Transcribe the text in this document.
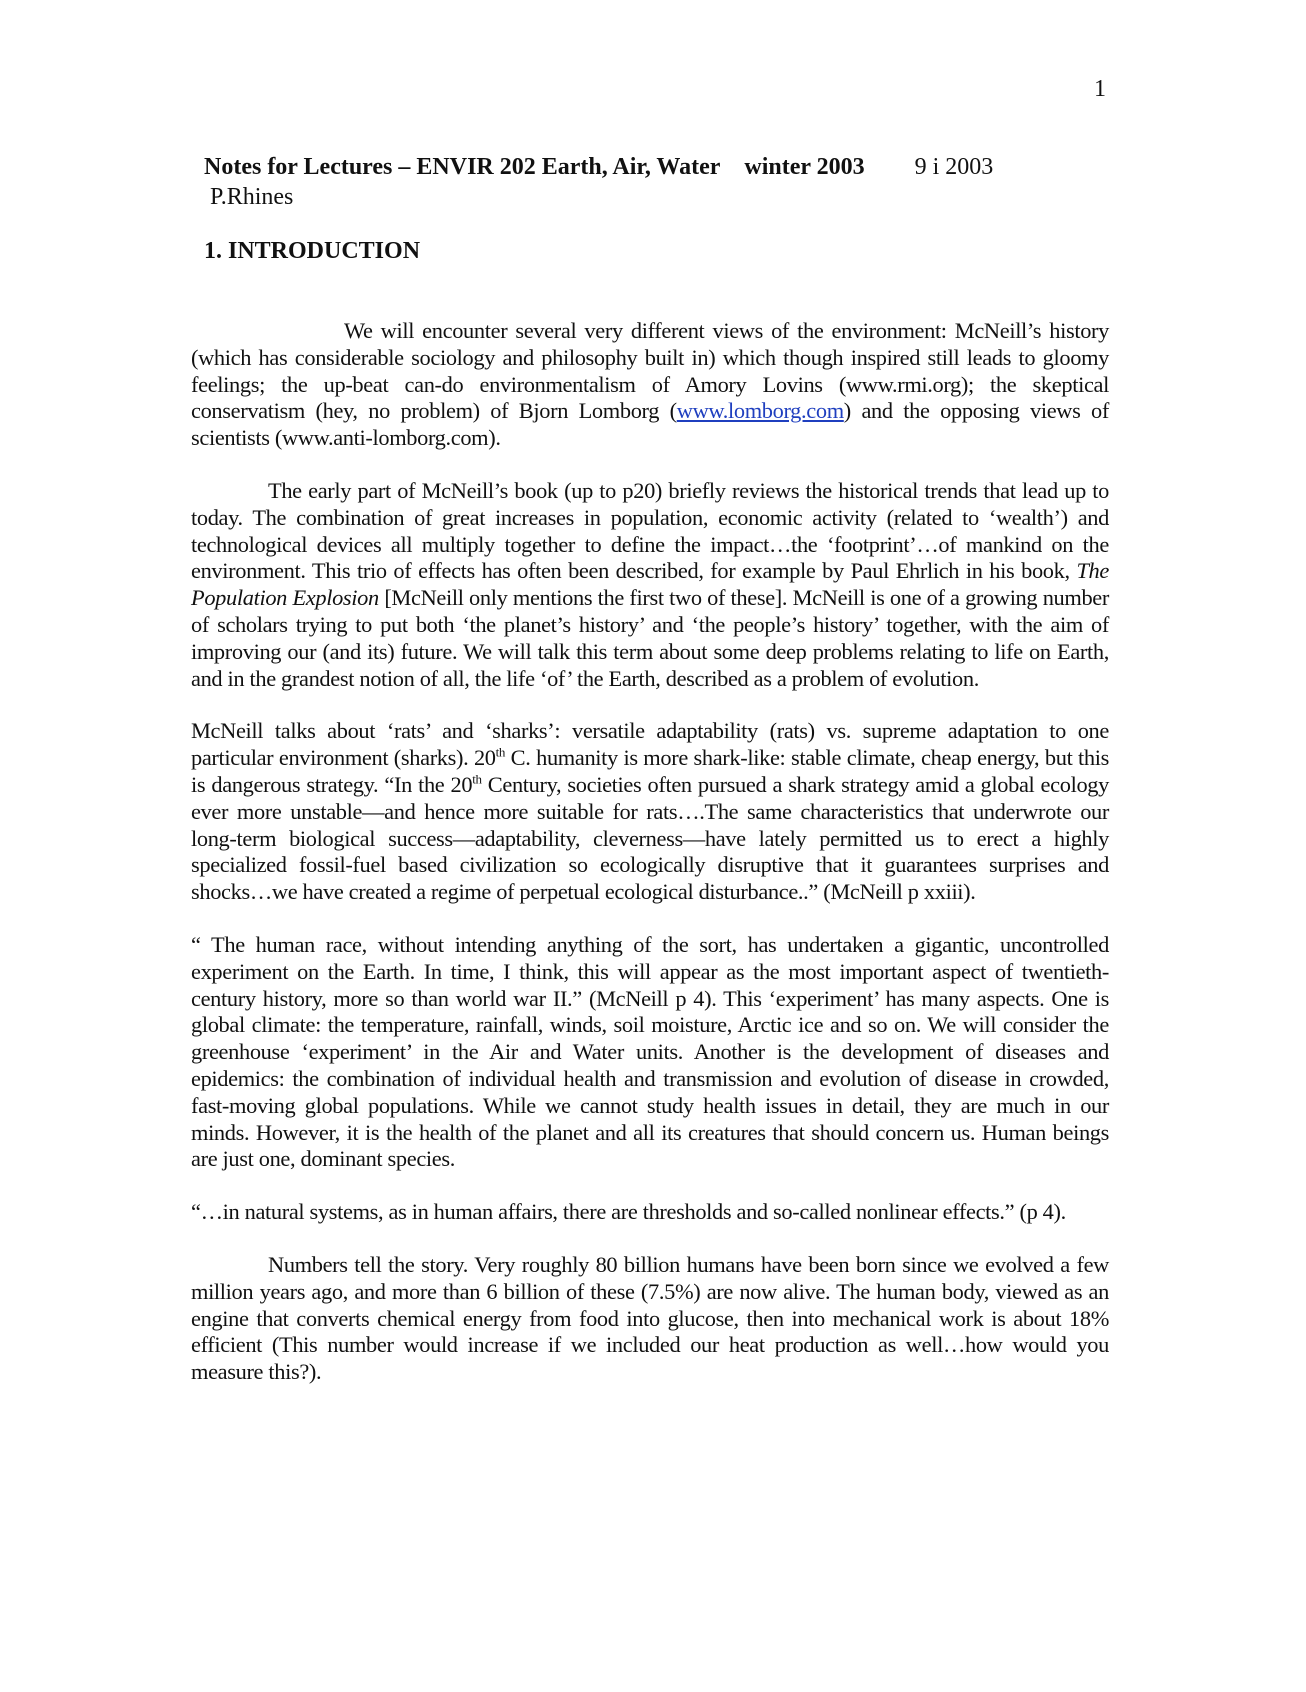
1
Notes for Lectures – ENVIR 202 Earth, Air, Water winter 2003 9 i 2003
P.Rhines
1. INTRODUCTION

We will encounter several very different views of the environment: McNeill’s history (which has considerable sociology and philosophy built in) which though inspired still leads to gloomy feelings; the up-beat can-do environmentalism of Amory Lovins (www.rmi.org); the skeptical conservatism (hey, no problem) of Bjorn Lomborg (www.lomborg.com) and the opposing views of scientists (www.anti-lomborg.com).

The early part of McNeill’s book (up to p20) briefly reviews the historical trends that lead up to today. The combination of great increases in population, economic activity (related to ‘wealth’) and technological devices all multiply together to define the impact…the ‘footprint’…of mankind on the environment. This trio of effects has often been described, for example by Paul Ehrlich in his book, The Population Explosion [McNeill only mentions the first two of these]. McNeill is one of a growing number of scholars trying to put both ‘the planet’s history’ and ‘the people’s history’ together, with the aim of improving our (and its) future. We will talk this term about some deep problems relating to life on Earth, and in the grandest notion of all, the life ‘of’ the Earth, described as a problem of evolution.

McNeill talks about ‘rats’ and ‘sharks’: versatile adaptability (rats) vs. supreme adaptation to one particular environment (sharks). 20th C. humanity is more shark-like: stable climate, cheap energy, but this is dangerous strategy. “In the 20th Century, societies often pursued a shark strategy amid a global ecology ever more unstable—and hence more suitable for rats….The same characteristics that underwrote our long-term biological success—adaptability, cleverness—have lately permitted us to erect a highly specialized fossil-fuel based civilization so ecologically disruptive that it guarantees surprises and shocks…we have created a regime of perpetual ecological disturbance..” (McNeill p xxiii).

“ The human race, without intending anything of the sort, has undertaken a gigantic, uncontrolled experiment on the Earth. In time, I think, this will appear as the most important aspect of twentieth-century history, more so than world war II.” (McNeill p 4). This ‘experiment’ has many aspects. One is global climate: the temperature, rainfall, winds, soil moisture, Arctic ice and so on. We will consider the greenhouse ‘experiment’ in the Air and Water units. Another is the development of diseases and epidemics: the combination of individual health and transmission and evolution of disease in crowded, fast-moving global populations. While we cannot study health issues in detail, they are much in our minds. However, it is the health of the planet and all its creatures that should concern us. Human beings are just one, dominant species.

“…in natural systems, as in human affairs, there are thresholds and so-called nonlinear effects.” (p 4).

Numbers tell the story. Very roughly 80 billion humans have been born since we evolved a few million years ago, and more than 6 billion of these (7.5%) are now alive. The human body, viewed as an engine that converts chemical energy from food into glucose, then into mechanical work is about 18% efficient (This number would increase if we included our heat production as well…how would you measure this?).
